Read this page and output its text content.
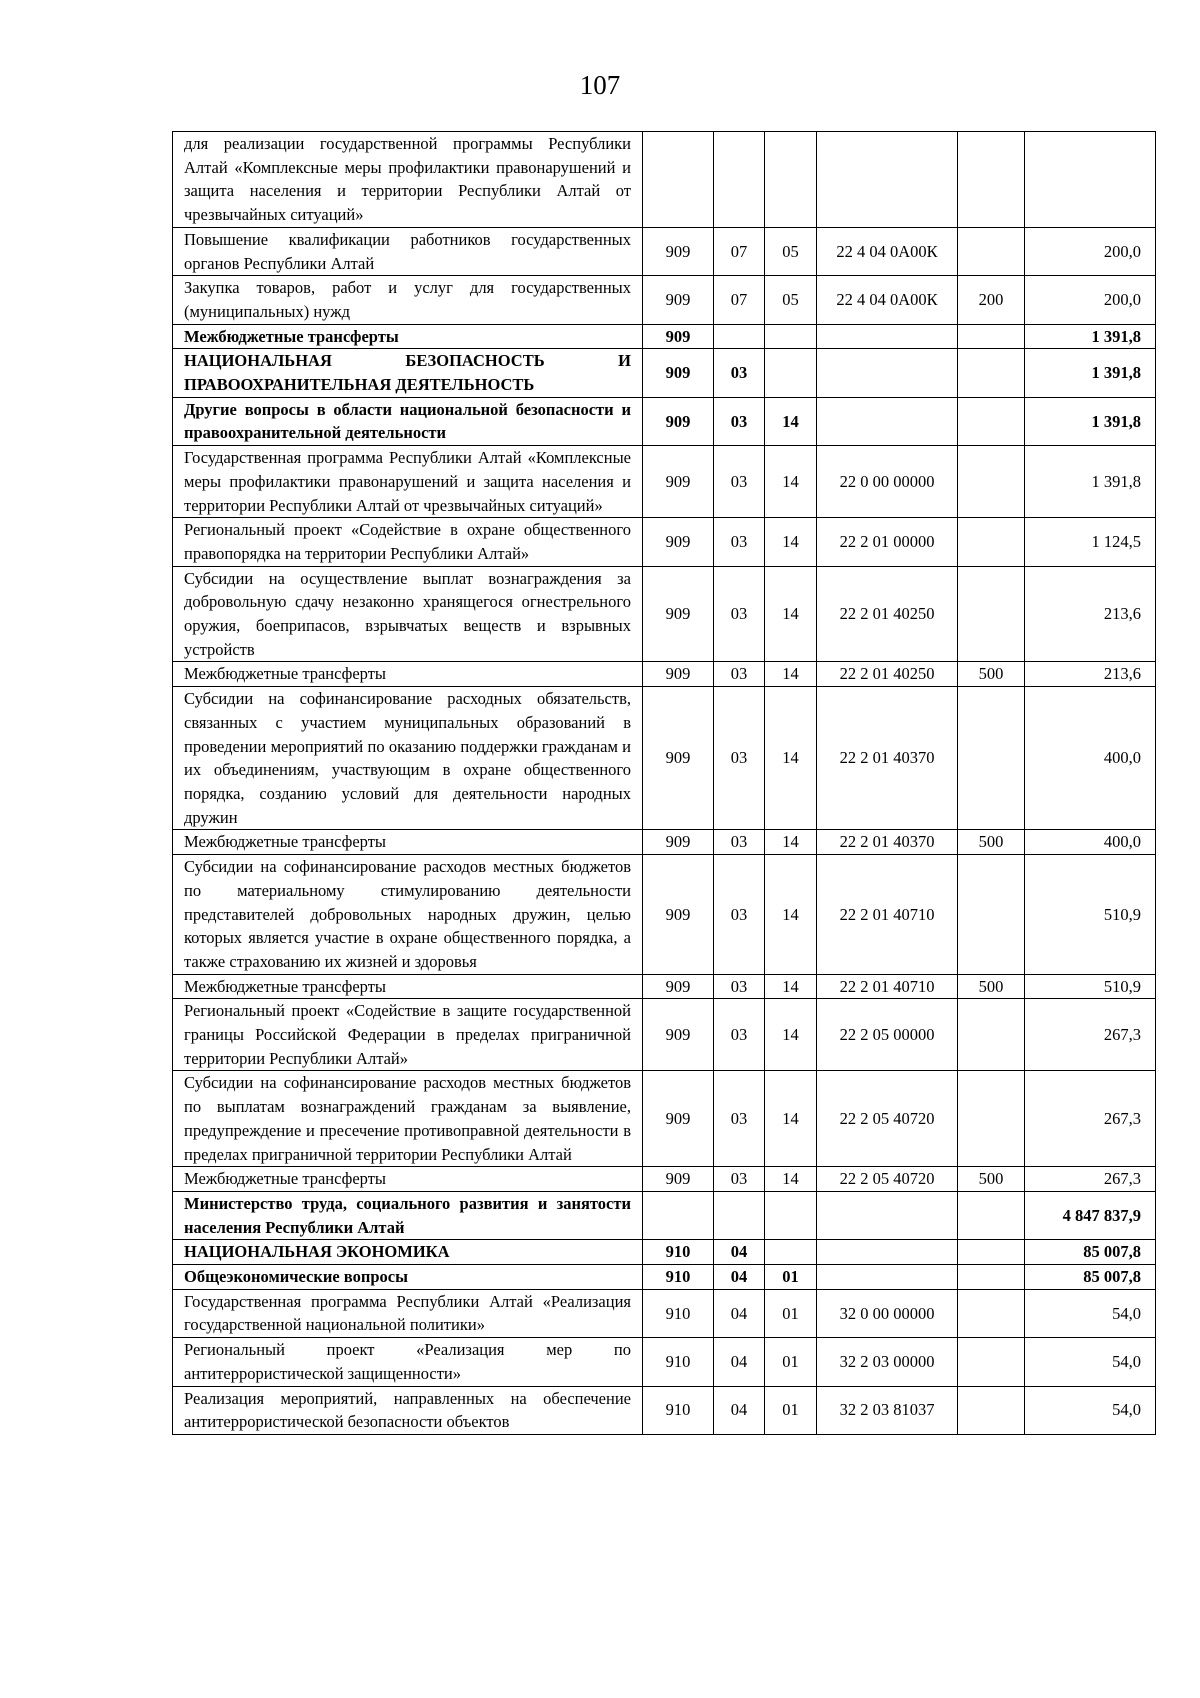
107
для реализации государственной программы Республики Алтай «Комплексные меры профилактики правонарушений и защита населения и территории Республики Алтай от чрезвычайных ситуаций»						
Повышение квалификации работников государственных органов Республики Алтай	909	07	05	22 4 04 0А00К		200,0
Закупка товаров, работ и услуг для государственных (муниципальных) нужд	909	07	05	22 4 04 0А00К	200	200,0
Межбюджетные трансферты	909					1 391,8
НАЦИОНАЛЬНАЯ БЕЗОПАСНОСТЬ И ПРАВООХРАНИТЕЛЬНАЯ ДЕЯТЕЛЬНОСТЬ	909	03				1 391,8
Другие вопросы в области национальной безопасности и правоохранительной деятельности	909	03	14			1 391,8
Государственная программа Республики Алтай «Комплексные меры профилактики правонарушений и защита населения и территории Республики Алтай от чрезвычайных ситуаций»	909	03	14	22 0 00 00000		1 391,8
Региональный проект «Содействие в охране общественного правопорядка на территории Республики Алтай»	909	03	14	22 2 01 00000		1 124,5
Субсидии на осуществление выплат вознаграждения за добровольную сдачу незаконно хранящегося огнестрельного оружия, боеприпасов, взрывчатых веществ и взрывных устройств	909	03	14	22 2 01 40250		213,6
Межбюджетные трансферты	909	03	14	22 2 01 40250	500	213,6
Субсидии на софинансирование расходных обязательств, связанных с участием муниципальных образований в проведении мероприятий по оказанию поддержки гражданам и их объединениям, участвующим в охране общественного порядка, созданию условий для деятельности народных дружин	909	03	14	22 2 01 40370		400,0
Межбюджетные трансферты	909	03	14	22 2 01 40370	500	400,0
Субсидии на софинансирование расходов местных бюджетов по материальному стимулированию деятельности представителей добровольных народных дружин, целью которых является участие в охране общественного порядка, а также страхованию их жизней и здоровья	909	03	14	22 2 01 40710		510,9
Межбюджетные трансферты	909	03	14	22 2 01 40710	500	510,9
Региональный проект «Содействие в защите государственной границы Российской Федерации в пределах приграничной территории Республики Алтай»	909	03	14	22 2 05 00000		267,3
Субсидии на софинансирование расходов местных бюджетов по выплатам вознаграждений гражданам за выявление, предупреждение и пресечение противоправной деятельности в пределах приграничной территории Республики Алтай	909	03	14	22 2 05 40720		267,3
Межбюджетные трансферты	909	03	14	22 2 05 40720	500	267,3
Министерство труда, социального развития и занятости населения Республики Алтай						4 847 837,9
НАЦИОНАЛЬНАЯ ЭКОНОМИКА	910	04				85 007,8
Общеэкономические вопросы	910	04	01			85 007,8
Государственная программа Республики Алтай «Реализация государственной национальной политики»	910	04	01	32 0 00 00000		54,0
Региональный проект «Реализация мер по антитеррористической защищенности»	910	04	01	32 2 03 00000		54,0
Реализация мероприятий, направленных на обеспечение антитеррористической безопасности объектов	910	04	01	32 2 03 81037		54,0
